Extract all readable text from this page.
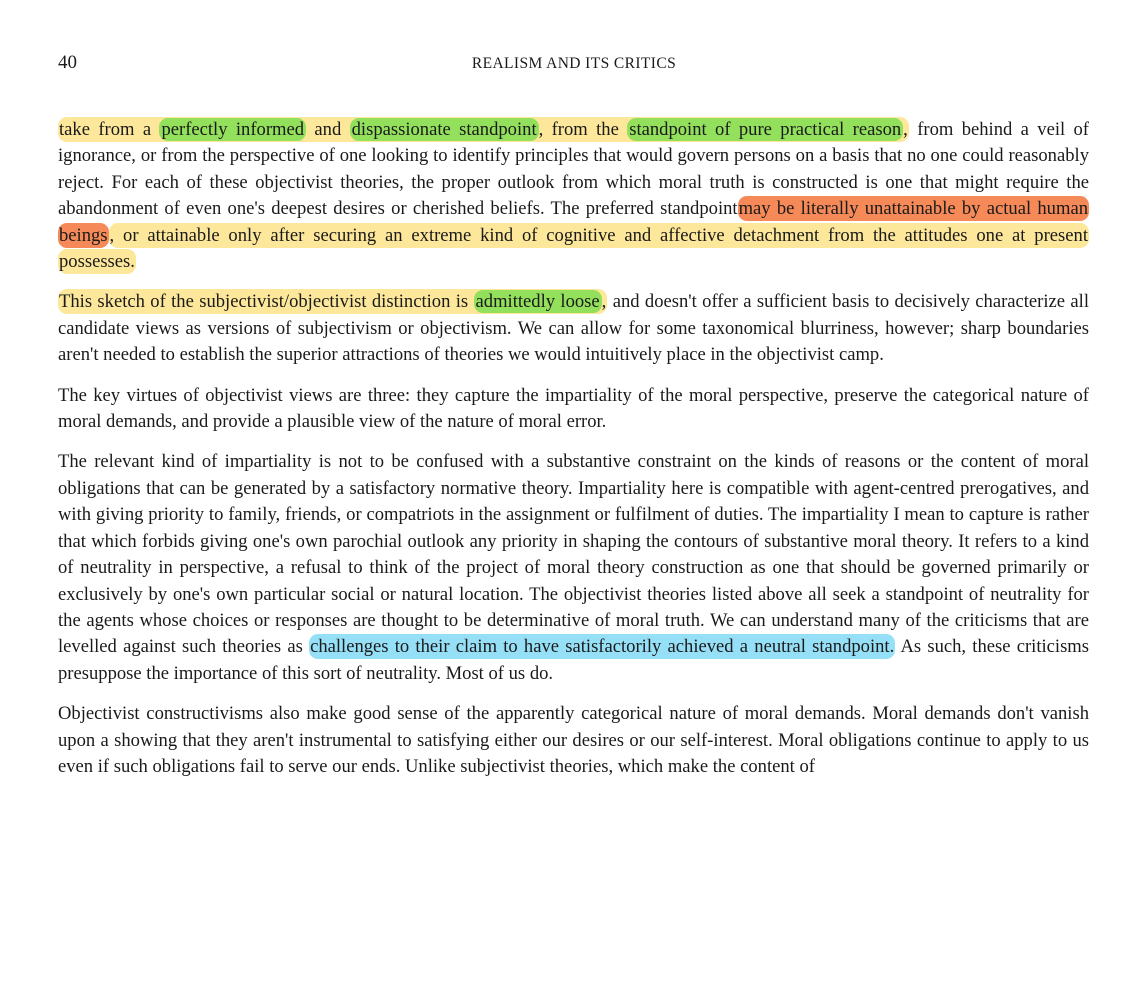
40	REALISM AND ITS CRITICS

take from a perfectly informed and dispassionate standpoint , from the standpoint of pure practical reason , from behind a veil of ignorance, or from the perspective of one looking to identify principles that would govern persons on a basis that no one could reasonably reject. For each of these objectivist theories, the proper outlook from which moral truth is constructed is one that might require the abandonment of even one's deepest desires or cherished beliefs. The preferred standpointmay be literally unattainable by actual human beings , or attainable only after securing an extreme kind of cognitive and affective detachment from the attitudes one at present possesses.

This sketch of the subjectivist/objectivist distinction is admittedly loose , and doesn't offer a sufficient basis to decisively characterize all candidate views as versions of subjectivism or objectivism. We can allow for some taxonomical blurriness, however; sharp boundaries aren't needed to establish the superior attractions of theories we would intuitively place in the objectivist camp.

The key virtues of objectivist views are three: they capture the impartiality of the moral perspective, preserve the categorical nature of moral demands, and provide a plausible view of the nature of moral error.

The relevant kind of impartiality is not to be confused with a substantive constraint on the kinds of reasons or the content of moral obligations that can be generated by a satisfactory normative theory. Impartiality here is compatible with agent-centred prerogatives, and with giving priority to family, friends, or compatriots in the assignment or fulfilment of duties. The impartiality I mean to capture is rather that which forbids giving one's own parochial outlook any priority in shaping the contours of substantive moral theory. It refers to a kind of neutrality in perspective, a refusal to think of the project of moral theory construction as one that should be governed primarily or exclusively by one's own particular social or natural location. The objectivist theories listed above all seek a standpoint of neutrality for the agents whose choices or responses are thought to be determinative of moral truth. We can understand many of the criticisms that are levelled against such theories as challenges to their claim to have satisfactorily achieved a neutral standpoint. As such, these criticisms presuppose the importance of this sort of neutrality. Most of us do.

Objectivist constructivisms also make good sense of the apparently categorical nature of moral demands. Moral demands don't vanish upon a showing that they aren't instrumental to satisfying either our desires or our self-interest. Moral obligations continue to apply to us even if such obligations fail to serve our ends. Unlike subjectivist theories, which make the content of
